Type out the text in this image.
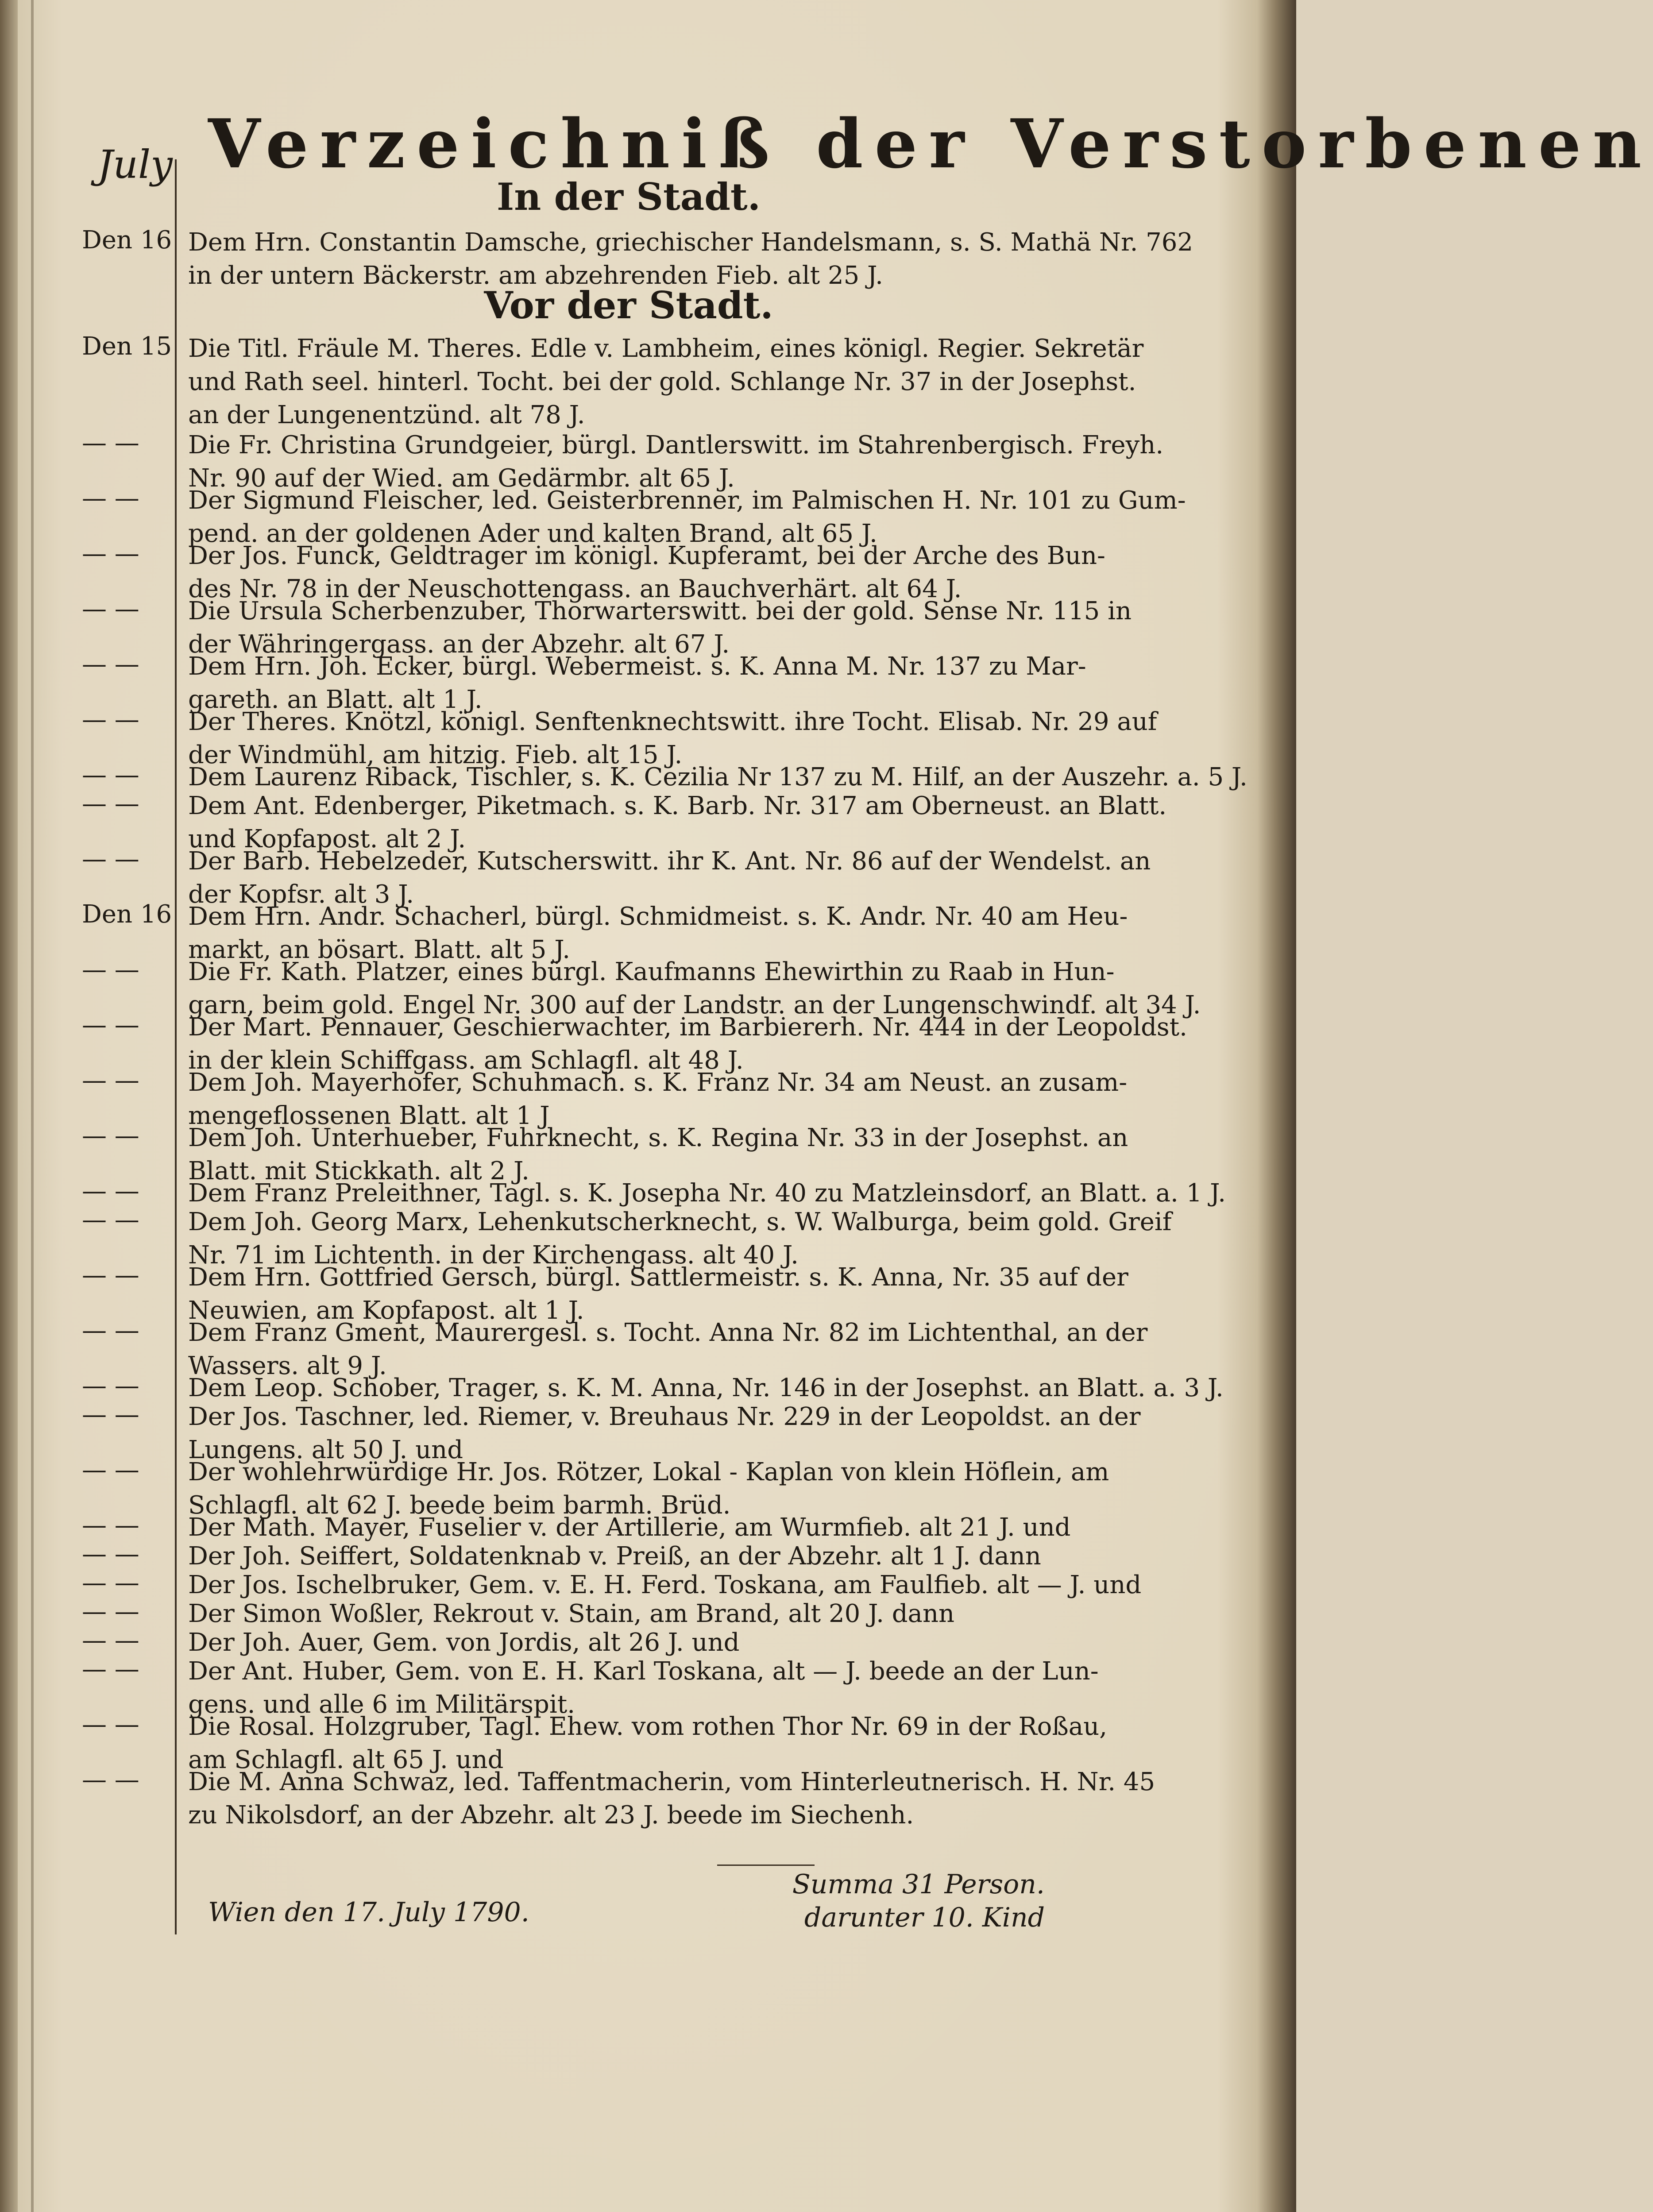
July Verzeichniß der Verstorbenen
In der Stadt.
Den 16 Dem Hrn. Constantin Damsche, griechischer Handelsmann, s. S. Mathä Nr. 762
in der untern Bäckerstr. am abzehrenden Fieb. alt 25 J.
Vor der Stadt.
Den 15 Die Titl. Fräule M. Theres. Edle v. Lambheim, eines königl. Regier. Sekretär
und Rath seel. hinterl. Tocht. bei der gold. Schlange Nr. 37 in der Josephst.
an der Lungenentzünd. alt 78 J.
— — Die Fr. Christina Grundgeier, bürgl. Dantlerswitt. im Stahrenbergisch. Freyh.
Nr. 90 auf der Wied. am Gedärmbr. alt 65 J.
— — Der Sigmund Fleischer, led. Geisterbrenner, im Palmischen H. Nr. 101 zu Gum-
pend. an der goldenen Ader und kalten Brand, alt 65 J.
— — Der Jos. Funck, Geldtrager im königl. Kupferamt, bei der Arche des Bun-
des Nr. 78 in der Neuschottengass. an Bauchverhärt. alt 64 J.
— — Die Ursula Scherbenzuber, Thorwarterswitt. bei der gold. Sense Nr. 115 in
der Währingergass. an der Abzehr. alt 67 J.
— — Dem Hrn. Joh. Ecker, bürgl. Webermeist. s. K. Anna M. Nr. 137 zu Mar-
gareth. an Blatt. alt 1 J.
— — Der Theres. Knötzl, königl. Senftenknechtswitt. ihre Tocht. Elisab. Nr. 29 auf
der Windmühl, am hitzig. Fieb. alt 15 J.
— — Dem Laurenz Riback, Tischler, s. K. Cezilia Nr 137 zu M. Hilf, an der Auszehr. a. 5 J.
— — Dem Ant. Edenberger, Piketmach. s. K. Barb. Nr. 317 am Oberneust. an Blatt.
und Kopfapost. alt 2 J.
— — Der Barb. Hebelzeder, Kutscherswitt. ihr K. Ant. Nr. 86 auf der Wendelst. an
der Kopfsr. alt 3 J.
Den 16 Dem Hrn. Andr. Schacherl, bürgl. Schmidmeist. s. K. Andr. Nr. 40 am Heu-
markt, an bösart. Blatt. alt 5 J.
— — Die Fr. Kath. Platzer, eines bürgl. Kaufmanns Ehewirthin zu Raab in Hun-
garn, beim gold. Engel Nr. 300 auf der Landstr. an der Lungenschwindf. alt 34 J.
— — Der Mart. Pennauer, Geschierwachter, im Barbiererh. Nr. 444 in der Leopoldst.
in der klein Schiffgass. am Schlagfl. alt 48 J.
— — Dem Joh. Mayerhofer, Schuhmach. s. K. Franz Nr. 34 am Neust. an zusam-
mengeflossenen Blatt. alt 1 J
— — Dem Joh. Unterhueber, Fuhrknecht, s. K. Regina Nr. 33 in der Josephst. an
Blatt. mit Stickkath. alt 2 J.
— — Dem Franz Preleithner, Tagl. s. K. Josepha Nr. 40 zu Matzleinsdorf, an Blatt. a. 1 J.
— — Dem Joh. Georg Marx, Lehenkutscherknecht, s. W. Walburga, beim gold. Greif
Nr. 71 im Lichtenth. in der Kirchengass. alt 40 J.
— — Dem Hrn. Gottfried Gersch, bürgl. Sattlermeistr. s. K. Anna, Nr. 35 auf der
Neuwien, am Kopfapost. alt 1 J.
— — Dem Franz Gment, Maurergesl. s. Tocht. Anna Nr. 82 im Lichtenthal, an der
Wassers. alt 9 J.
— — Dem Leop. Schober, Trager, s. K. M. Anna, Nr. 146 in der Josephst. an Blatt. a. 3 J.
— — Der Jos. Taschner, led. Riemer, v. Breuhaus Nr. 229 in der Leopoldst. an der
Lungens. alt 50 J. und
— — Der wohlehrwürdige Hr. Jos. Rötzer, Lokal - Kaplan von klein Höflein, am
Schlagfl. alt 62 J. beede beim barmh. Brüd.
— — Der Math. Mayer, Fuselier v. der Artillerie, am Wurmfieb. alt 21 J. und
— — Der Joh. Seiffert, Soldatenknab v. Preiß, an der Abzehr. alt 1 J. dann
— — Der Jos. Ischelbruker, Gem. v. E. H. Ferd. Toskana, am Faulfieb. alt — J. und
— — Der Simon Woßler, Rekrout v. Stain, am Brand, alt 20 J. dann
— — Der Joh. Auer, Gem. von Jordis, alt 26 J. und
— — Der Ant. Huber, Gem. von E. H. Karl Toskana, alt — J. beede an der Lun-
gens. und alle 6 im Militärspit.
— — Die Rosal. Holzgruber, Tagl. Ehew. vom rothen Thor Nr. 69 in der Roßau,
am Schlagfl. alt 65 J. und
— — Die M. Anna Schwaz, led. Taffentmacherin, vom Hinterleutnerisch. H. Nr. 45
zu Nikolsdorf, an der Abzehr. alt 23 J. beede im Siechenh.
Summa 31 Person.
darunter 10. Kind
Wien den 17. July 1790.
